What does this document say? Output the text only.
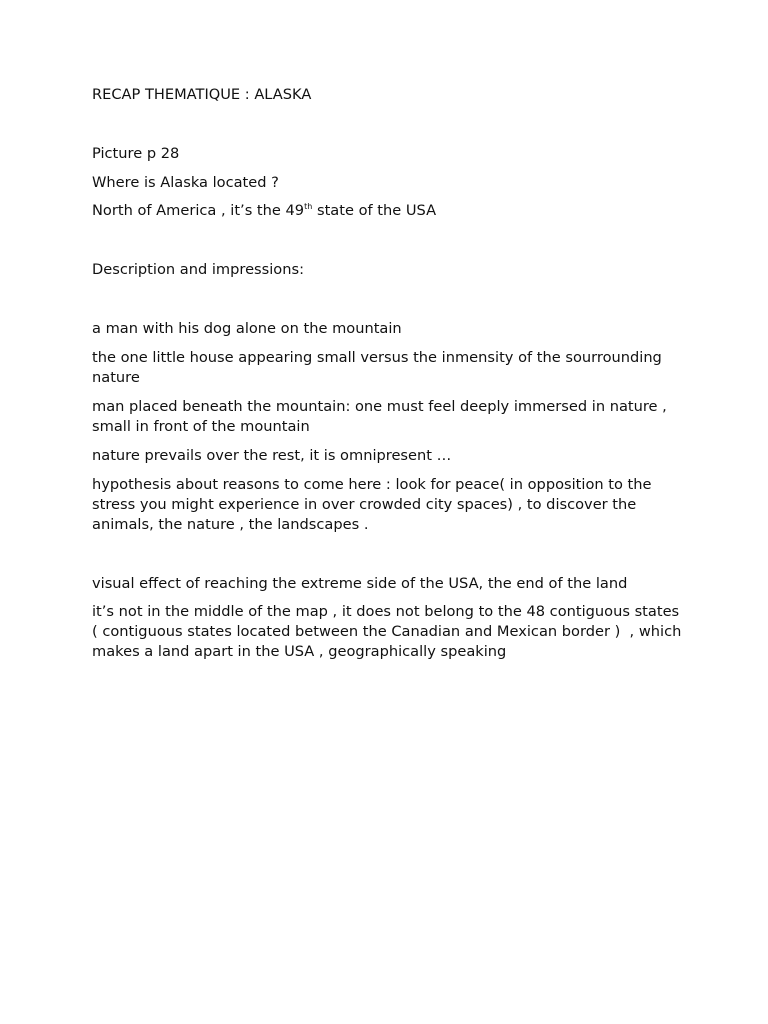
RECAP THEMATIQUE : ALASKA
Picture p 28
Where is Alaska located ?
North of America , it’s the 49th state of the USA
Description and impressions:
a man with his dog alone on the mountain
the one little house appearing small versus the inmensity of the sourrounding nature
man placed beneath the mountain: one must feel deeply immersed in nature , small in front of the mountain
nature prevails over the rest, it is omnipresent …
hypothesis about reasons to come here : look for peace( in opposition to the stress you might experience in over crowded city spaces) , to discover the animals, the nature , the landscapes .
visual effect of reaching the extreme side of the USA, the end of the land
it’s not in the middle of the map , it does not belong to the 48 contiguous states ( contiguous states located between the Canadian and Mexican border )  , which makes a land apart in the USA , geographically speaking
